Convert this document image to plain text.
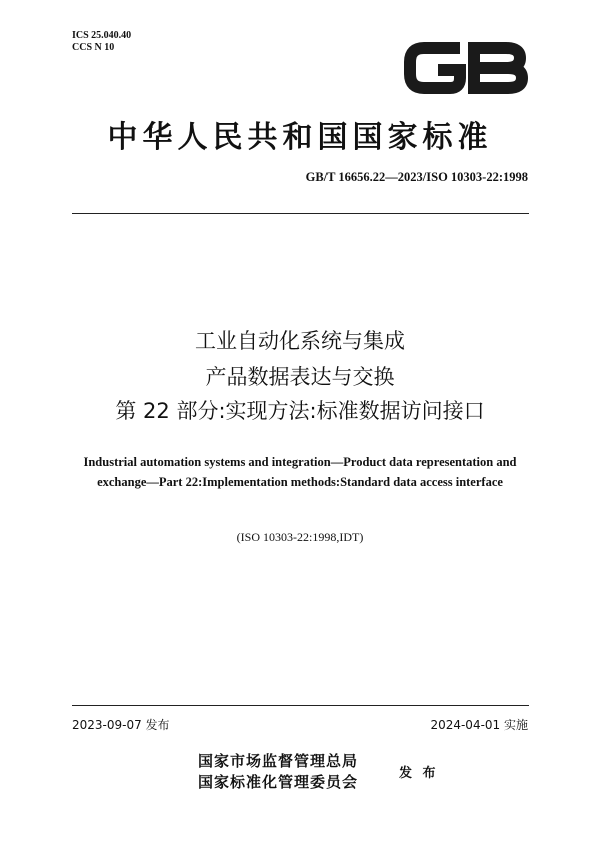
ICS 25.040.40
CCS N 10
中华人民共和国国家标准
GB/T 16656.22—2023/ISO 10303-22:1998
工业自动化系统与集成
产品数据表达与交换
第 22 部分:实现方法:标准数据访问接口
Industrial automation systems and integration—Product data representation and
exchange—Part 22:Implementation methods:Standard data access interface
(ISO 10303-22:1998,IDT)
2023-09-07 发布	2024-04-01 实施
国家市场监督管理总局
国家标准化管理委员会	发 布
